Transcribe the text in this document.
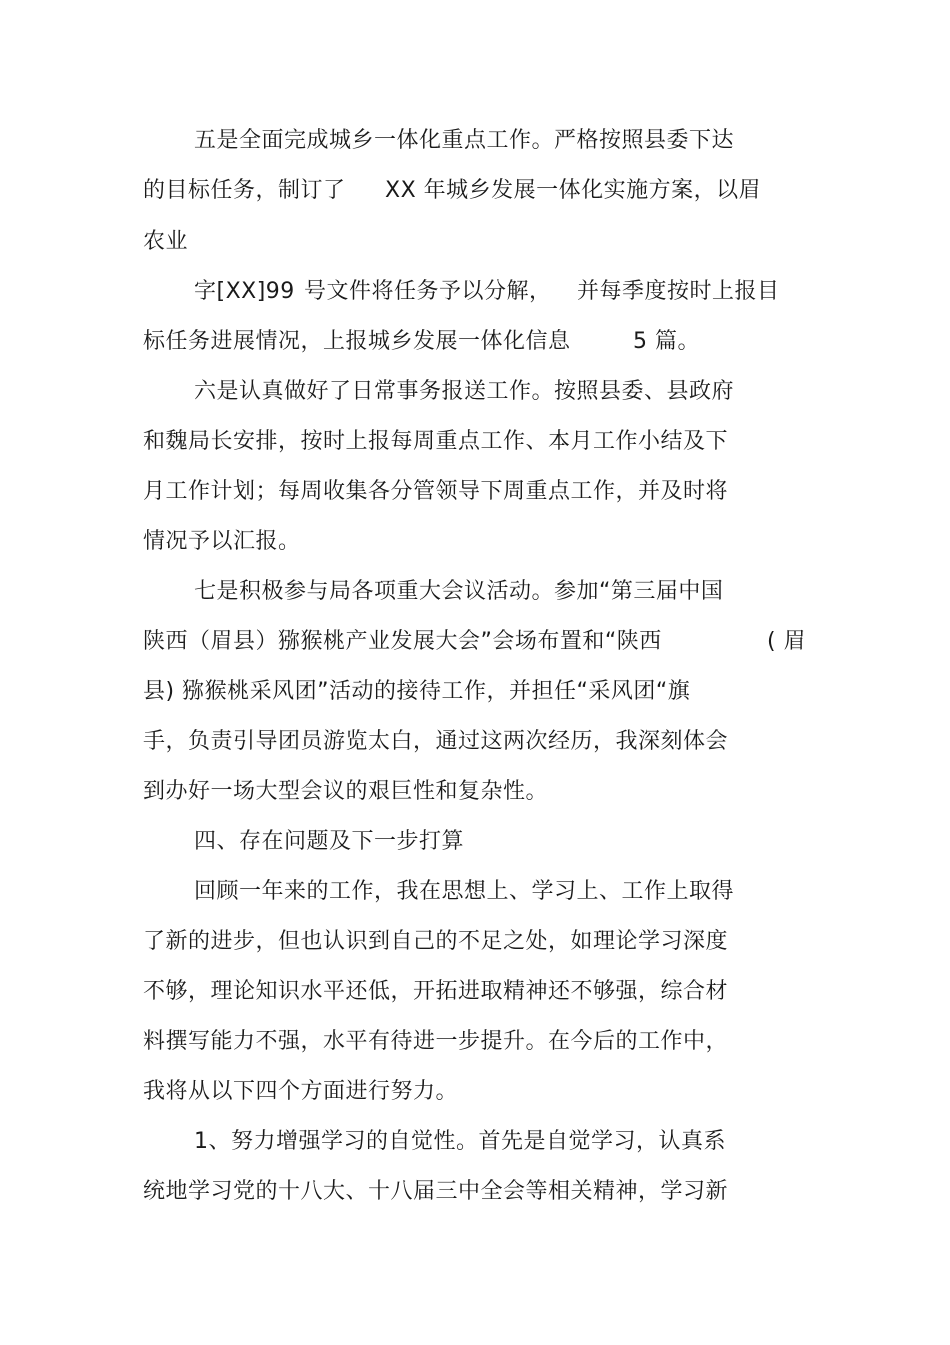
五是全面完成城乡一体化重点工作。严格按照县委下达
的目标任务，制订了 XX 年城乡发展一体化实施方案，以眉
农业
字[XX]99 号文件将任务予以分解， 并每季度按时上报目
标任务进展情况，上报城乡发展一体化信息	5 篇。
六是认真做好了日常事务报送工作。按照县委、县政府
和魏局长安排，按时上报每周重点工作、本月工作小结及下
月工作计划；每周收集各分管领导下周重点工作，并及时将
情况予以汇报。
七是积极参与局各项重大会议活动。参加“第三届中国
陕西（眉县）猕猴桃产业发展大会”会场布置和“陕西	( 眉
县) 猕猴桃采风团”活动的接待工作，并担任“采风团“旗
手，负责引导团员游览太白，通过这两次经历，我深刻体会
到办好一场大型会议的艰巨性和复杂性。
四、存在问题及下一步打算
回顾一年来的工作，我在思想上、学习上、工作上取得
了新的进步，但也认识到自己的不足之处，如理论学习深度
不够，理论知识水平还低，开拓进取精神还不够强，综合材
料撰写能力不强，水平有待进一步提升。在今后的工作中，
我将从以下四个方面进行努力。
1、努力增强学习的自觉性。首先是自觉学习，认真系
统地学习党的十八大、十八届三中全会等相关精神，学习新
